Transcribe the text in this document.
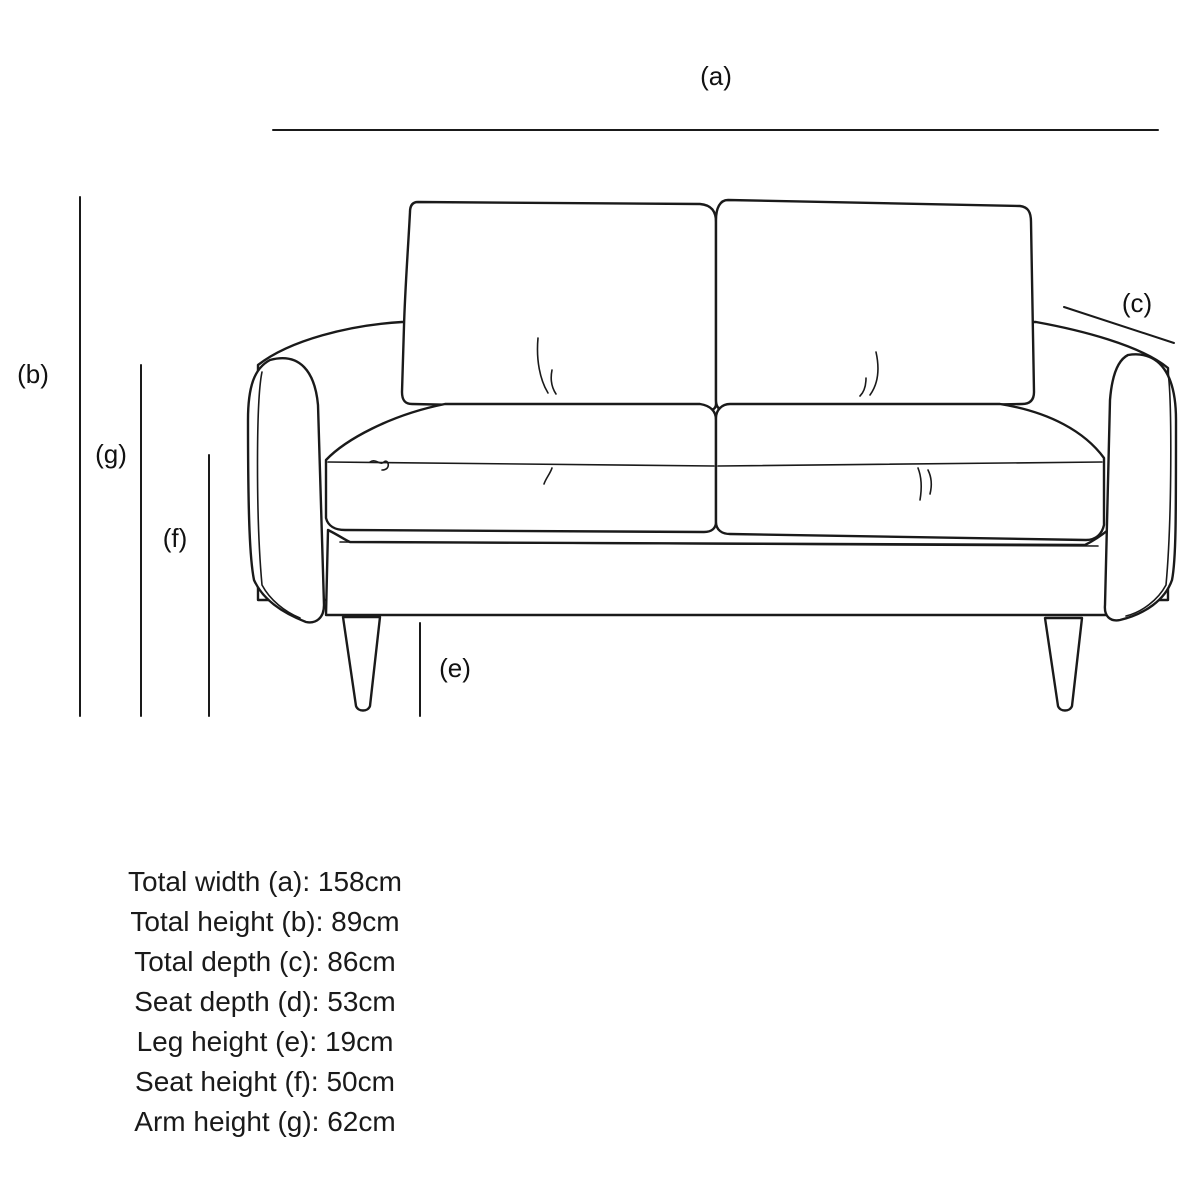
(a)
(b)
(g)
(f)
(e)
(c)
Total width (a): 158cm
Total height (b): 89cm
Total depth (c): 86cm
Seat depth (d): 53cm
Leg height (e): 19cm
Seat height (f): 50cm
Arm height (g): 62cm
